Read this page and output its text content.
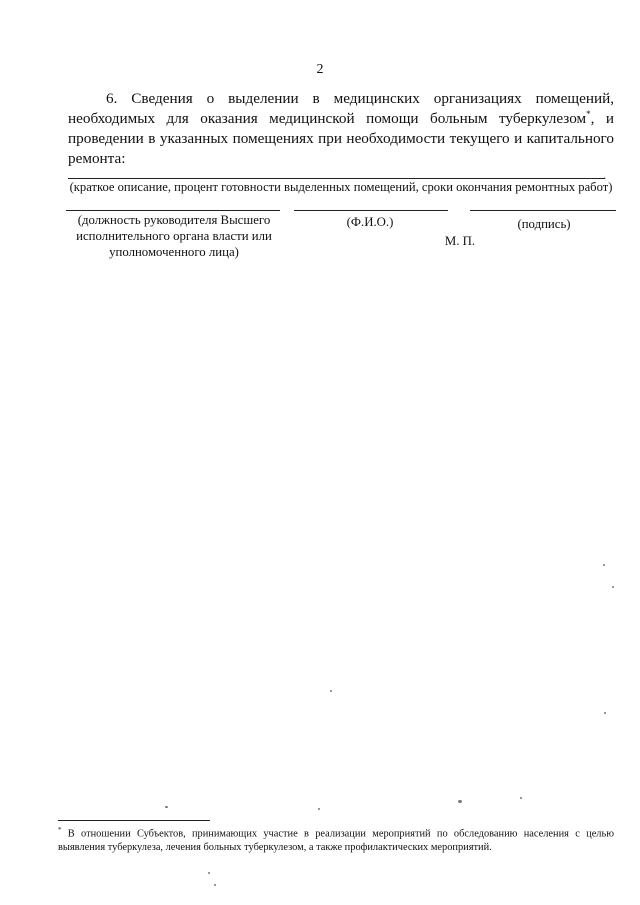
2
6. Сведения о выделении в медицинских организациях помещений, необходимых для оказания медицинской помощи больным туберкулезом*, и проведении в указанных помещениях при необходимости текущего и капитального ремонта:
.
(краткое описание, процент готовности выделенных помещений, сроки окончания ремонтных работ)
(должность руководителя Высшего исполнительного органа власти или уполномоченного лица)
(Ф.И.О.)	(подпись)
М. П.
* В отношении Субъектов, принимающих участие в реализации мероприятий по обследованию населения с целью выявления туберкулеза, лечения больных туберкулезом, а также профилактических мероприятий.
